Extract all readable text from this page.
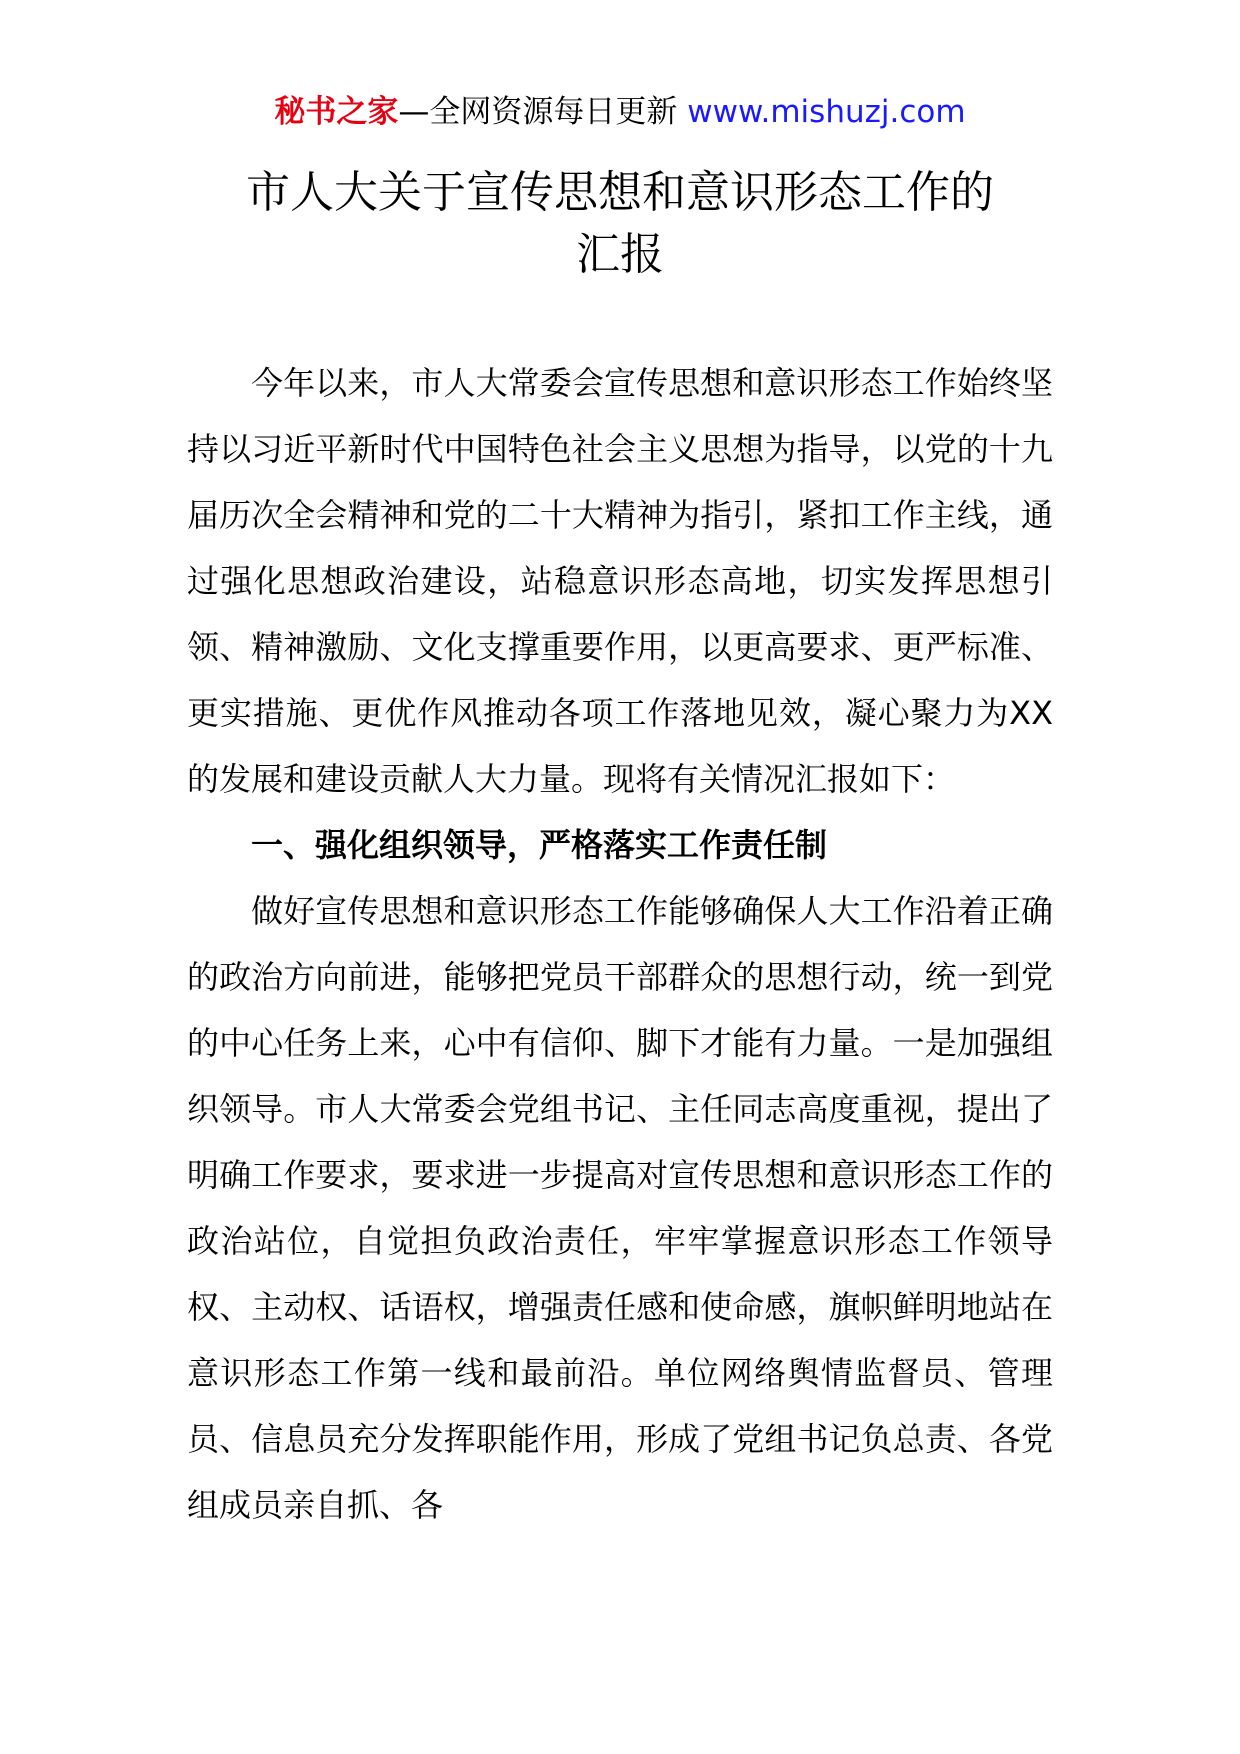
秘书之家—全网资源每日更新 www.mishuzj.com
市人大关于宣传思想和意识形态工作的
汇报

今年以来，市人大常委会宣传思想和意识形态工作始终坚持以习近平新时代中国特色社会主义思想为指导，以党的十九届历次全会精神和党的二十大精神为指引，紧扣工作主线，通过强化思想政治建设，站稳意识形态高地，切实发挥思想引领、精神激励、文化支撑重要作用，以更高要求、更严标准、更实措施、更优作风推动各项工作落地见效，凝心聚力为XX的发展和建设贡献人大力量。现将有关情况汇报如下：

一、强化组织领导，严格落实工作责任制

做好宣传思想和意识形态工作能够确保人大工作沿着正确的政治方向前进，能够把党员干部群众的思想行动，统一到党的中心任务上来，心中有信仰、脚下才能有力量。一是加强组织领导。市人大常委会党组书记、主任同志高度重视，提出了明确工作要求，要求进一步提高对宣传思想和意识形态工作的政治站位，自觉担负政治责任，牢牢掌握意识形态工作领导权、主动权、话语权，增强责任感和使命感，旗帜鲜明地站在意识形态工作第一线和最前沿。单位网络舆情监督员、管理员、信息员充分发挥职能作用，形成了党组书记负总责、各党组成员亲自抓、各
